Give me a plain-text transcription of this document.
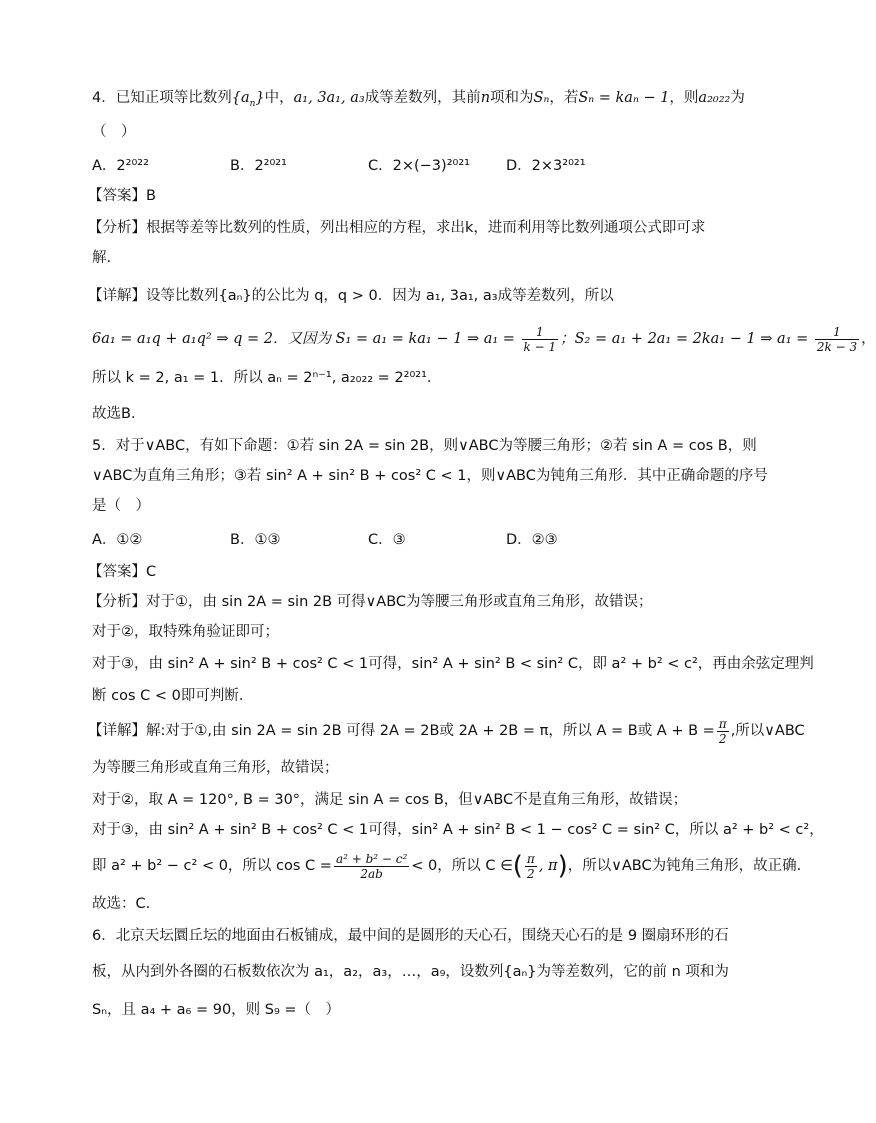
4．已知正项等比数列$\{a_n\}$中，a₁, 3a₁, a₃成等差数列，其前n项和为Sₙ，若Sₙ = kaₙ − 1，则a₂₀₂₂为
（　）
A．2²⁰²²	B．2²⁰²¹	C．2×(−3)²⁰²¹	D．2×3²⁰²¹
【答案】B
【分析】根据等差等比数列的性质，列出相应的方程，求出k，进而利用等比数列通项公式即可求
解.
【详解】设等比数列{aₙ}的公比为 q，q > 0．因为 a₁, 3a₁, a₃成等差数列，所以
6a₁ = a₁q + a₁q² ⇒ q = 2．又因为 S₁ = a₁ = ka₁ − 1 ⇒ $a_1 = \frac{1}{k - 1}$ ；S₂ = a₁ + 2a₁ = 2ka₁ − 1 ⇒ $a_1 = \frac{1}{2k - 3}$ ，
所以 k = 2, a₁ = 1．所以 aₙ = 2ⁿ⁻¹, a₂₀₂₂ = 2²⁰²¹．
故选B．
5．对于∨ABC，有如下命题：①若 sin 2A = sin 2B，则∨ABC为等腰三角形；②若 sin A = cos B，则
∨ABC为直角三角形；③若 sin² A + sin² B + cos² C < 1，则∨ABC为钝角三角形．其中正确命题的序号
是（　）
A．①②	B．①③	C．③	D．②③
【答案】C
【分析】对于①，由 sin 2A = sin 2B 可得∨ABC为等腰三角形或直角三角形，故错误；
对于②，取特殊角验证即可；
对于③，由 sin² A + sin² B + cos² C < 1可得，sin² A + sin² B < sin² C，即 a² + b² < c²，再由余弦定理判
断 cos C < 0即可判断．
【详解】解:对于①,由 sin 2A = sin 2B 可得 2A = 2B或 2A + 2B = π，所以 A = B或 $A + B = \frac{\pi}{2}$ ,所以∨ABC
为等腰三角形或直角三角形，故错误；
对于②，取 A = 120°, B = 30°，满足 sin A = cos B，但∨ABC不是直角三角形，故错误；
对于③，由 sin² A + sin² B + cos² C < 1可得，sin² A + sin² B < 1 − cos² C = sin² C，所以 a² + b² < c²，
即 a² + b² − c² < 0，所以 $\cos C = \frac{\text{a² + b² − c²}}{2ab} < 0$，所以 C ∈( $\frac{\pi}{2}$ , π)，所以∨ABC为钝角三角形，故正确.
故选：C.
6．北京天坛圜丘坛的地面由石板铺成，最中间的是圆形的天心石，围绕天心石的是 9 圈扇环形的石
板，从内到外各圈的石板数依次为 a₁，a₂，a₃，…，a₉，设数列{aₙ}为等差数列，它的前 n 项和为
Sₙ，且 a₄ + a₆ = 90，则 S₉ =（　）
